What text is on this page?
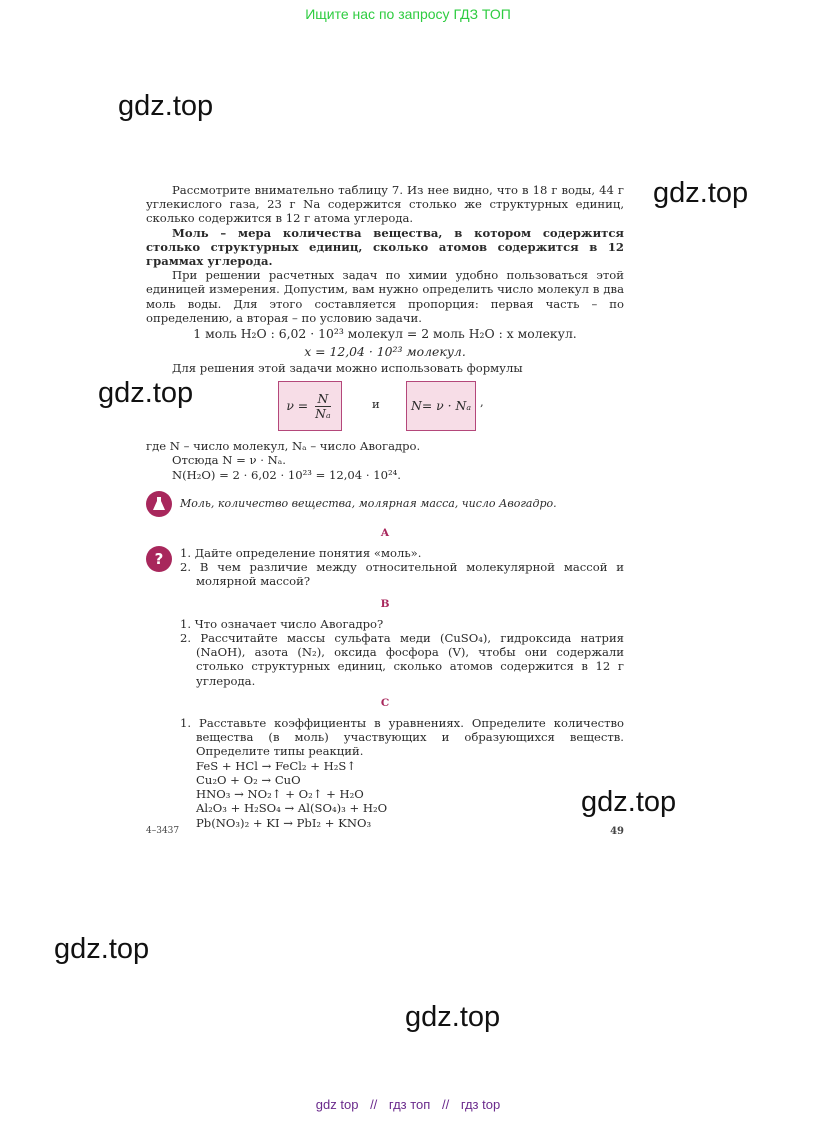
Ищите нас по запросу ГДЗ ТОП
gdz.top
gdz.top
gdz.top
gdz.top
gdz.top
gdz.top

Рассмотрите внимательно таблицу 7. Из нее видно, что в 18 г воды, 44 г углекислого газа, 23 г Na содержится столько же структурных единиц, сколько содержится в 12 г атома углерода.

Моль – мера количества вещества, в котором содержится столько структурных единиц, сколько атомов содержится в 12 граммах углерода.

При решении расчетных задач по химии удобно пользоваться этой единицей измерения. Допустим, вам нужно определить число молекул в два моль воды. Для этого составляется пропорция: первая часть – по определению, а вторая – по условию задачи.

1 моль H₂O : 6,02 · 10²³ молекул = 2 моль H₂O : x молекул.

x = 12,04 · 10²³ молекул.

Для решения этой задачи можно использовать формулы

$\nu = \frac{N}{\text{Nₐ}}$	и	N= ν · Nₐ ,

где N – число молекул, Nₐ – число Авогадро.

Отсюда N = ν · Nₐ.

N(H₂O) = 2 · 6,02 · 10²³ = 12,04 · 10²⁴.

Моль, количество вещества, молярная масса, число Авогадро.
A
?	1. Дайте определение понятия «моль».

2. В чем различие между относительной молекулярной массой и молярной массой?

B

1. Что означает число Авогадро?

2. Рассчитайте массы сульфата меди (CuSO₄), гидроксида натрия (NaOH), азота (N₂), оксида фосфора (V), чтобы они содержали столько структурных единиц, сколько атомов содержится в 12 г углерода.

C

1. Расставьте коэффициенты в уравнениях. Определите количество вещества (в моль) участвующих и образующихся веществ. Определите типы реакций.

FeS + HCl → FeCl₂ + H₂S↑

Cu₂O + O₂ → CuO

HNO₃ → NO₂↑ + O₂↑ + H₂O

Al₂O₃ + H₂SO₄ → Al(SO₄)₃ + H₂O

Pb(NO₃)₂ + KI → PbI₂ + KNO₃

4–3437	49
gdz top // гдз топ // гдз top
